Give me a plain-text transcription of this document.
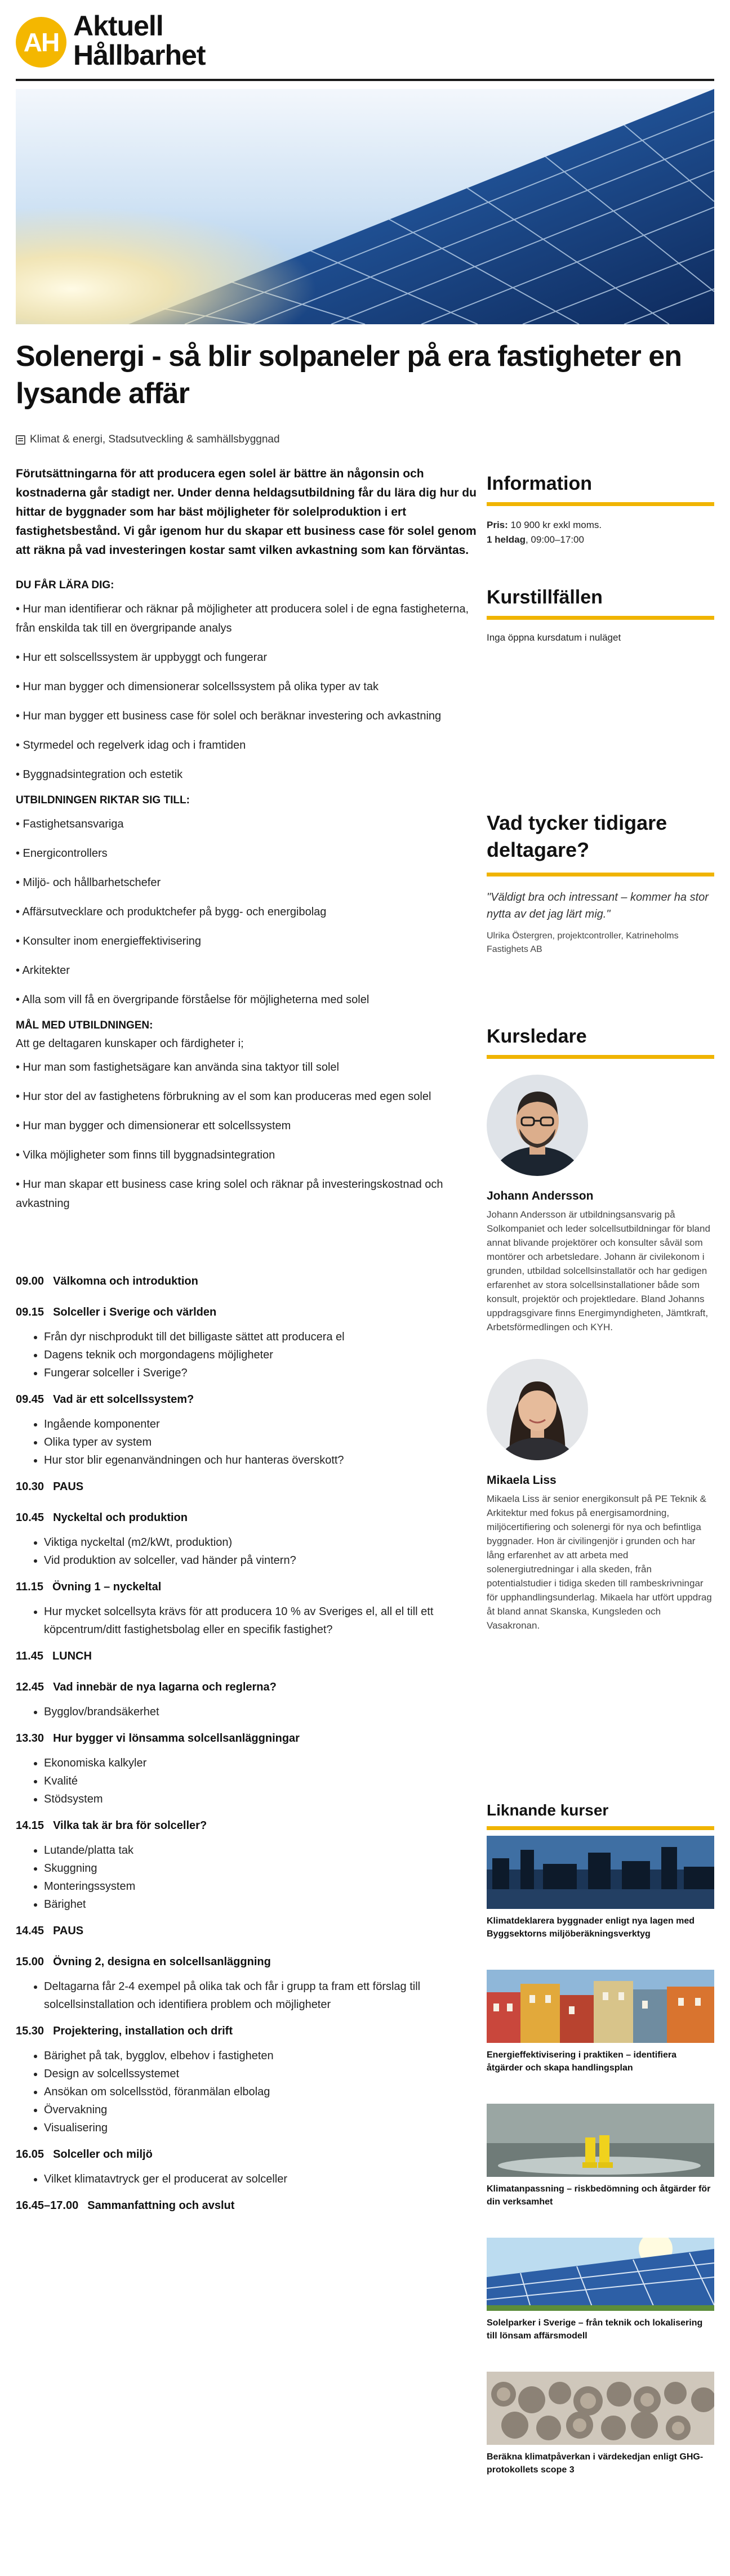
AH
Aktuell
Hållbarhet
Solenergi - så blir solpaneler på era fastigheter en lysande affär
Klimat & energi, Stadsutveckling & samhällsbyggnad

Förutsättningarna för att producera egen solel är bättre än någonsin och kostnaderna går stadigt ner. Under denna heldagsutbildning får du lära dig hur du hittar de byggnader som har bäst möjligheter för solelproduktion i ert fastighetsbestånd. Vi går igenom hur du skapar ett business case för solel genom att räkna på vad investeringen kostar samt vilken avkastning som kan förväntas.

DU FÅR LÄRA DIG:

• Hur man identifierar och räknar på möjligheter att producera solel i de egna fastigheterna, från enskilda tak till en övergripande analys
• Hur ett solscellssystem är uppbyggt och fungerar
• Hur man bygger och dimensionerar solcellssystem på olika typer av tak
• Hur man bygger ett business case för solel och beräknar investering och avkastning
• Styrmedel och regelverk idag och i framtiden
• Byggnadsintegration och estetik

UTBILDNINGEN RIKTAR SIG TILL:

• Fastighetsansvariga
• Energicontrollers
• Miljö- och hållbarhetschefer
• Affärsutvecklare och produktchefer på bygg- och energibolag
• Konsulter inom energieffektivisering
• Arkitekter
• Alla som vill få en övergripande förståelse för möjligheterna med solel

MÅL MED UTBILDNINGEN:

Att ge deltagaren kunskaper och färdigheter i;

• Hur man som fastighetsägare kan använda sina taktyor till solel
• Hur stor del av fastighetens förbrukning av el som kan produceras med egen solel
• Hur man bygger och dimensionerar ett solcellssystem
• Vilka möjligheter som finns till byggnadsintegration
• Hur man skapar ett business case kring solel och räknar på investeringskostnad och avkastning
09.00 Välkomna och introduktion
09.15 Solceller i Sverige och världen
• Från dyr nischprodukt till det billigaste sättet att producera el
• Dagens teknik och morgondagens möjligheter
• Fungerar solceller i Sverige?
09.45 Vad är ett solcellssystem?
• Ingående komponenter
• Olika typer av system
• Hur stor blir egenanvändningen och hur hanteras överskott?
10.30 PAUS
10.45 Nyckeltal och produktion
• Viktiga nyckeltal (m2/kWt, produktion)
• Vid produktion av solceller, vad händer på vintern?
11.15 Övning 1 – nyckeltal
• Hur mycket solcellsyta krävs för att producera 10 % av Sveriges el, all el till ett köpcentrum/ditt fastighetsbolag eller en specifik fastighet?
11.45 LUNCH
12.45 Vad innebär de nya lagarna och reglerna?
• Bygglov/brandsäkerhet
13.30 Hur bygger vi lönsamma solcellsanläggningar
• Ekonomiska kalkyler
• Kvalité
• Stödsystem
14.15 Vilka tak är bra för solceller?
• Lutande/platta tak
• Skuggning
• Monteringssystem
• Bärighet
14.45 PAUS
15.00 Övning 2, designa en solcellsanläggning
• Deltagarna får 2-4 exempel på olika tak och får i grupp ta fram ett förslag till solcellsinstallation och identifiera problem och möjligheter
15.30 Projektering, installation och drift
• Bärighet på tak, bygglov, elbehov i fastigheten
• Design av solcellssystemet
• Ansökan om solcellsstöd, föranmälan elbolag
• Övervakning
• Visualisering
16.05 Solceller och miljö
• Vilket klimatavtryck ger el producerat av solceller
16.45–17.00 Sammanfattning och avslut

Information

Pris: 10 900 kr exkl moms.
1 heldag, 09:00–17:00

Kurstillfällen

Inga öppna kursdatum i nuläget

Vad tycker tidigare deltagare?

"Väldigt bra och intressant – kommer ha stor nytta av det jag lärt mig."
Ulrika Östergren, projektcontroller, Katrineholms Fastighets AB

Kursledare

Johann Andersson
Johann Andersson är utbildningsansvarig på Solkompaniet och leder solcellsutbildningar för bland annat blivande projektörer och konsulter såväl som montörer och arbetsledare. Johann är civilekonom i grunden, utbildad solcellsinstallatör och har gedigen erfarenhet av stora solcellsinstallationer både som konsult, projektör och projektledare. Bland Johanns uppdragsgivare finns Energimyndigheten, Jämtkraft, Arbetsförmedlingen och KYH.
Mikaela Liss
Mikaela Liss är senior energikonsult på PE Teknik & Arkitektur med fokus på energisamordning, miljöcertifiering och solenergi för nya och befintliga byggnader. Hon är civilingenjör i grunden och har lång erfarenhet av att arbeta med solenergiutredningar i alla skeden, från potentialstudier i tidiga skeden till rambeskrivningar för upphandlingsunderlag. Mikaela har utfört uppdrag åt bland annat Skanska, Kungsleden och Vasakronan.
Liknande kurser
Klimatdeklarera byggnader enligt nya lagen med Byggsektorns miljöberäkningsverktyg
Energieffektivisering i praktiken – identifiera åtgärder och skapa handlingsplan
Klimatanpassning – riskbedömning och åtgärder för din verksamhet
Solelparker i Sverige – från teknik och lokalisering till lönsam affärsmodell
Beräkna klimatpåverkan i värdekedjan enligt GHG-protokollets scope 3
